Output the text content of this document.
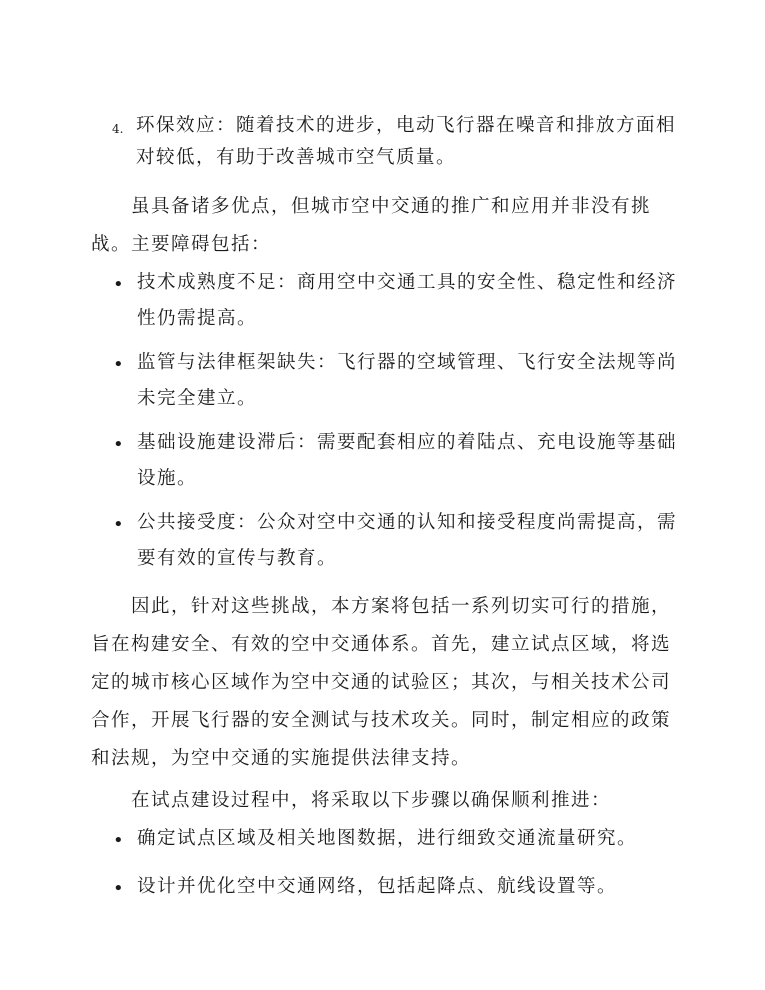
4. 环保效应：随着技术的进步，电动飞行器在噪音和排放方面相
对较低，有助于改善城市空气质量。
虽具备诸多优点，但城市空中交通的推广和应用并非没有挑
战。主要障碍包括：
• 技术成熟度不足：商用空中交通工具的安全性、稳定性和经济
性仍需提高。
• 监管与法律框架缺失：飞行器的空域管理、飞行安全法规等尚
未完全建立。
• 基础设施建设滞后：需要配套相应的着陆点、充电设施等基础
设施。
• 公共接受度：公众对空中交通的认知和接受程度尚需提高，需
要有效的宣传与教育。
因此，针对这些挑战，本方案将包括一系列切实可行的措施，
旨在构建安全、有效的空中交通体系。首先，建立试点区域，将选
定的城市核心区域作为空中交通的试验区；其次，与相关技术公司
合作，开展飞行器的安全测试与技术攻关。同时，制定相应的政策
和法规，为空中交通的实施提供法律支持。
在试点建设过程中，将采取以下步骤以确保顺利推进：
• 确定试点区域及相关地图数据，进行细致交通流量研究。
• 设计并优化空中交通网络，包括起降点、航线设置等。
